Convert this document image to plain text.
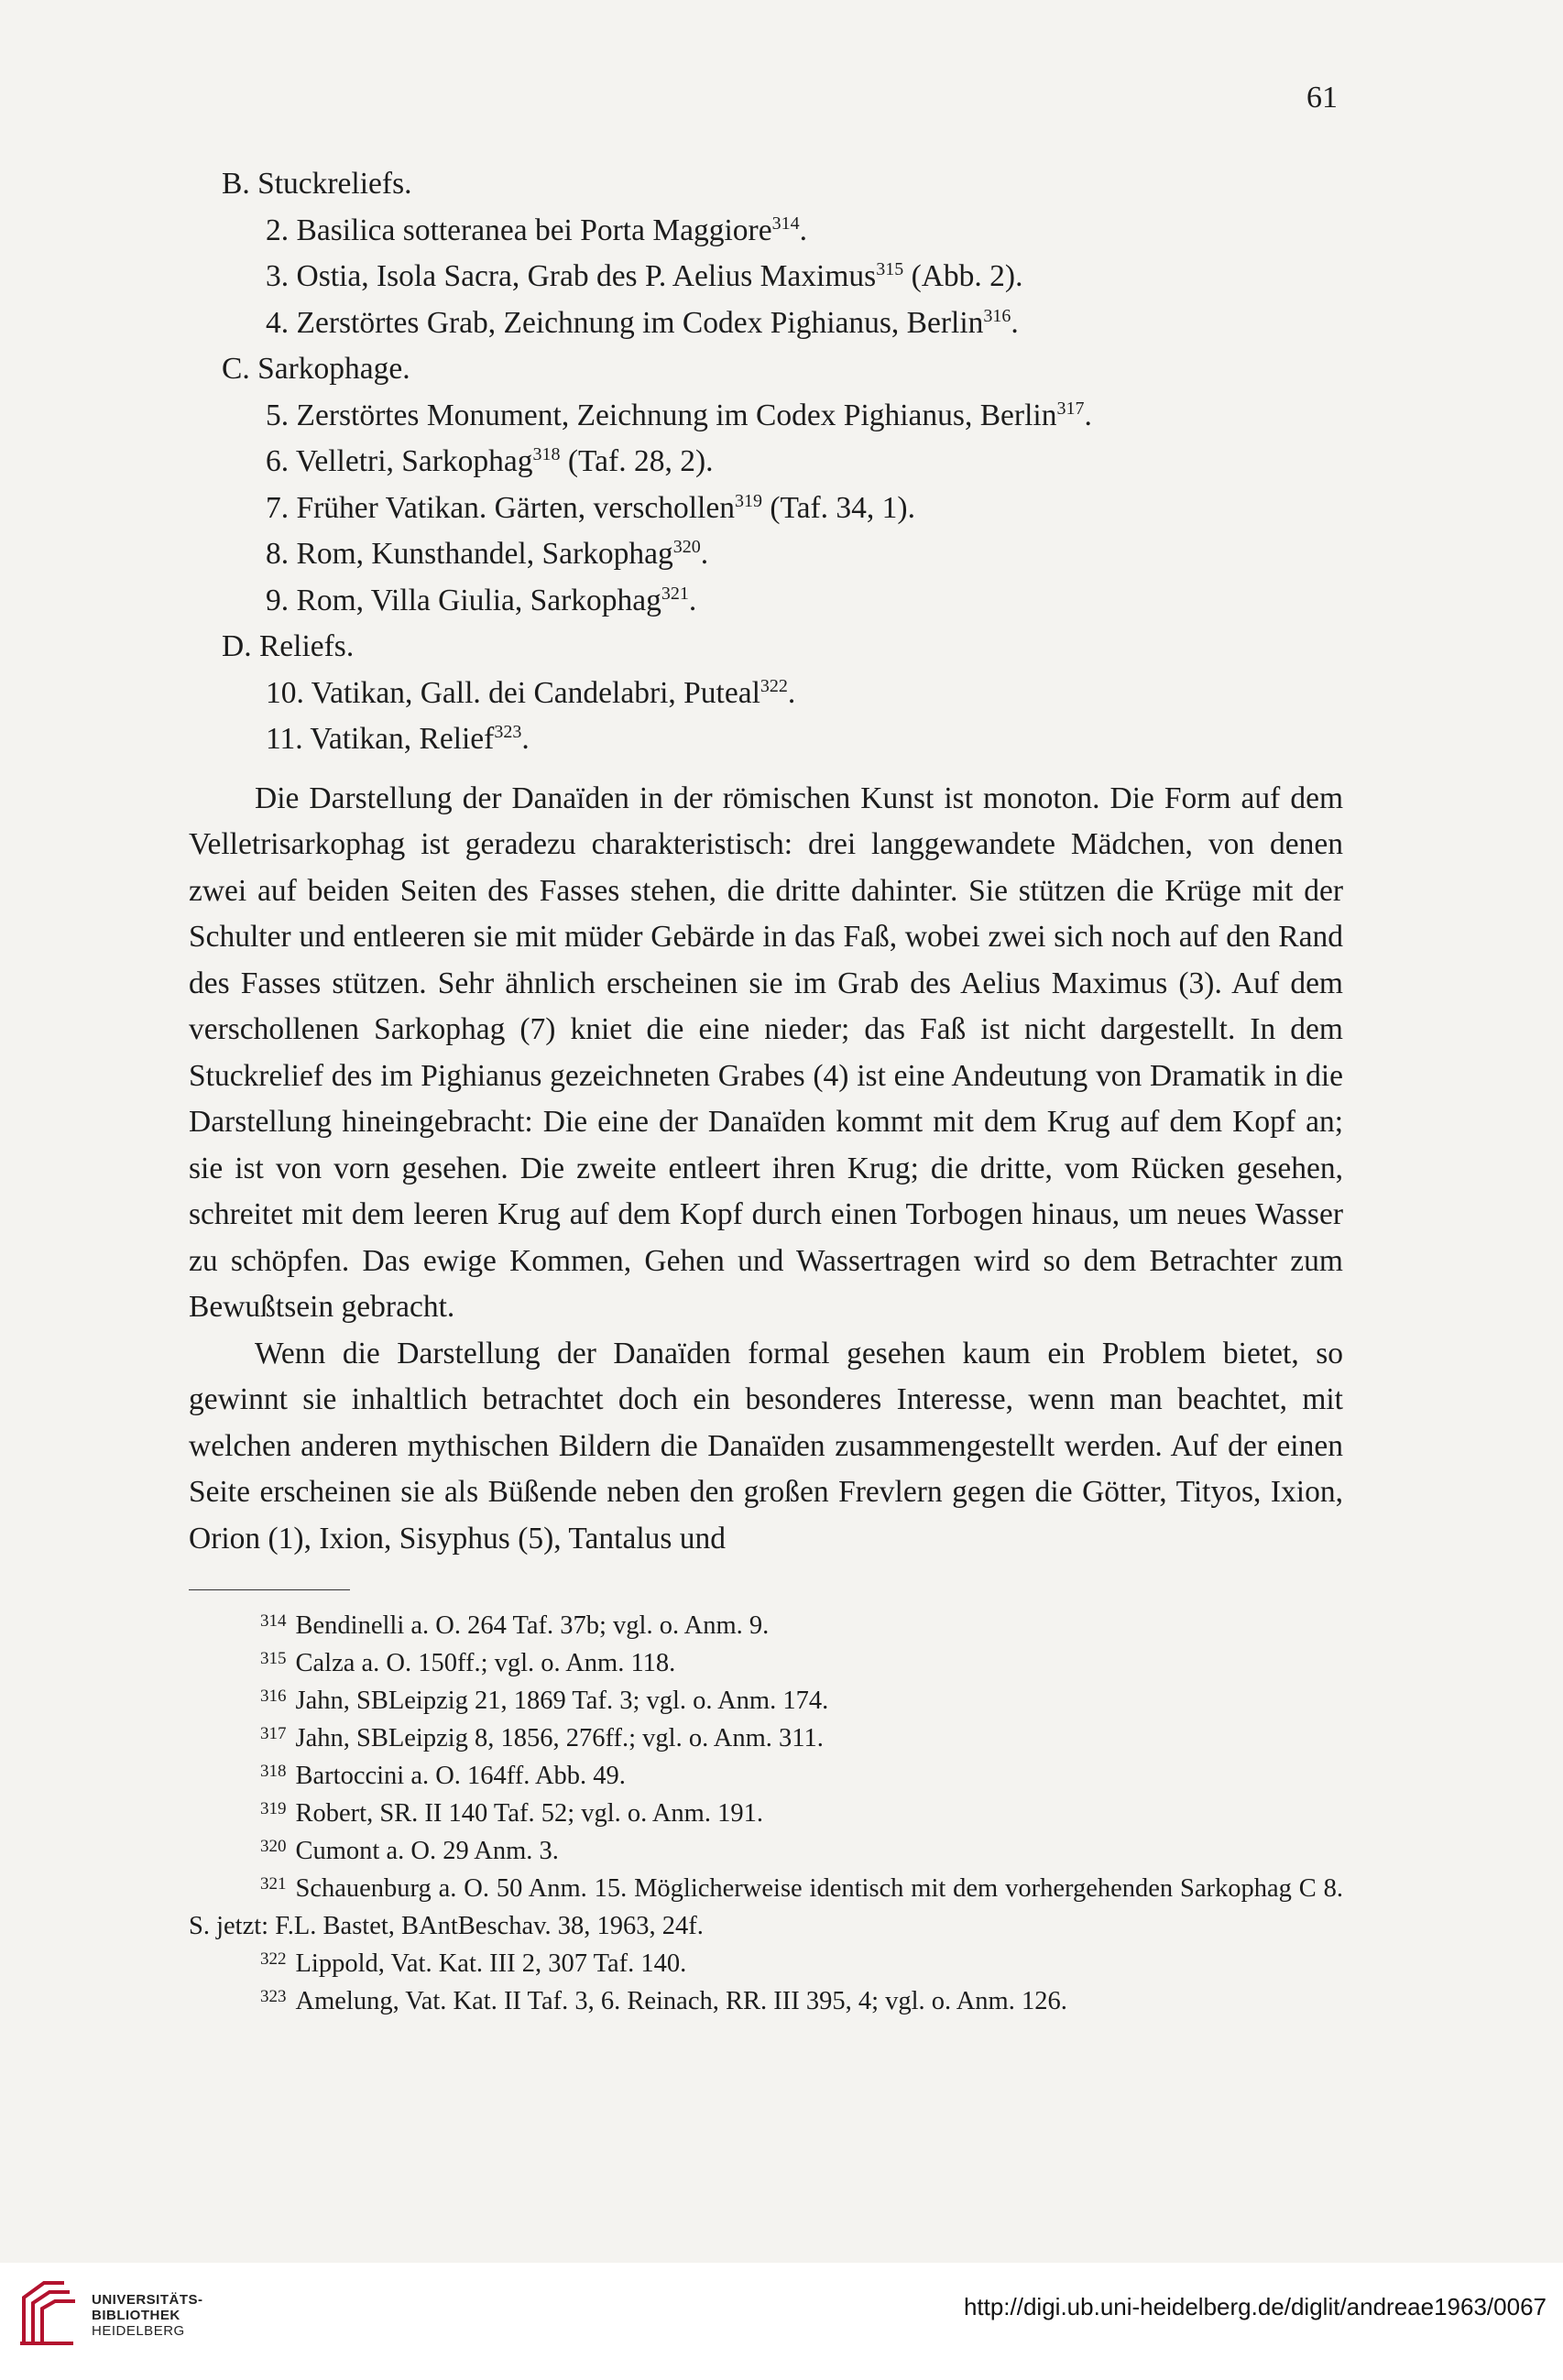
61
B. Stuckreliefs.
2. Basilica sotteranea bei Porta Maggiore$^{314}$.
3. Ostia, Isola Sacra, Grab des P. Aelius Maximus$^{315}$ (Abb. 2).
4. Zerstörtes Grab, Zeichnung im Codex Pighianus, Berlin$^{316}$.
C. Sarkophage.
5. Zerstörtes Monument, Zeichnung im Codex Pighianus, Berlin$^{317}$.
6. Velletri, Sarkophag$^{318}$ (Taf. 28, 2).
7. Früher Vatikan. Gärten, verschollen$^{319}$ (Taf. 34, 1).
8. Rom, Kunsthandel, Sarkophag$^{320}$.
9. Rom, Villa Giulia, Sarkophag$^{321}$.
D. Reliefs.
10. Vatikan, Gall. dei Candelabri, Puteal$^{322}$.
11. Vatikan, Relief$^{323}$.

Die Darstellung der Danaïden in der römischen Kunst ist monoton. Die Form auf dem Velletrisarkophag ist geradezu charakteristisch: drei langgewandete Mädchen, von denen zwei auf beiden Seiten des Fasses stehen, die dritte dahinter. Sie stützen die Krüge mit der Schulter und entleeren sie mit müder Gebärde in das Faß, wobei zwei sich noch auf den Rand des Fasses stützen. Sehr ähnlich erscheinen sie im Grab des Aelius Maximus (3). Auf dem verschollenen Sarkophag (7) kniet die eine nieder; das Faß ist nicht dargestellt. In dem Stuckrelief des im Pighianus gezeichneten Grabes (4) ist eine Andeutung von Dramatik in die Darstellung hineingebracht: Die eine der Danaïden kommt mit dem Krug auf dem Kopf an; sie ist von vorn gesehen. Die zweite entleert ihren Krug; die dritte, vom Rücken gesehen, schreitet mit dem leeren Krug auf dem Kopf durch einen Torbogen hinaus, um neues Wasser zu schöpfen. Das ewige Kommen, Gehen und Wassertragen wird so dem Betrachter zum Bewußtsein gebracht.

Wenn die Darstellung der Danaïden formal gesehen kaum ein Problem bietet, so gewinnt sie inhaltlich betrachtet doch ein besonderes Interesse, wenn man beachtet, mit welchen anderen mythischen Bildern die Danaïden zusammengestellt werden. Auf der einen Seite erscheinen sie als Büßende neben den großen Frevlern gegen die Götter, Tityos, Ixion, Orion (1), Ixion, Sisyphus (5), Tantalus und

$^{314}$ Bendinelli a. O. 264 Taf. 37b; vgl. o. Anm. 9.
$^{315}$ Calza a. O. 150ff.; vgl. o. Anm. 118.
$^{316}$ Jahn, SBLeipzig 21, 1869 Taf. 3; vgl. o. Anm. 174.
$^{317}$ Jahn, SBLeipzig 8, 1856, 276ff.; vgl. o. Anm. 311.
$^{318}$ Bartoccini a. O. 164ff. Abb. 49.
$^{319}$ Robert, SR. II 140 Taf. 52; vgl. o. Anm. 191.
$^{320}$ Cumont a. O. 29 Anm. 3.
$^{321}$ Schauenburg a. O. 50 Anm. 15. Möglicherweise identisch mit dem vorhergehenden Sarkophag C 8. S. jetzt: F.L. Bastet, BAntBeschav. 38, 1963, 24f.
$^{322}$ Lippold, Vat. Kat. III 2, 307 Taf. 140.
$^{323}$ Amelung, Vat. Kat. II Taf. 3, 6. Reinach, RR. III 395, 4; vgl. o. Anm. 126.
UNIVERSITÄTS-
BIBLIOTHEK
HEIDELBERG
http://digi.ub.uni-heidelberg.de/diglit/andreae1963/0067
